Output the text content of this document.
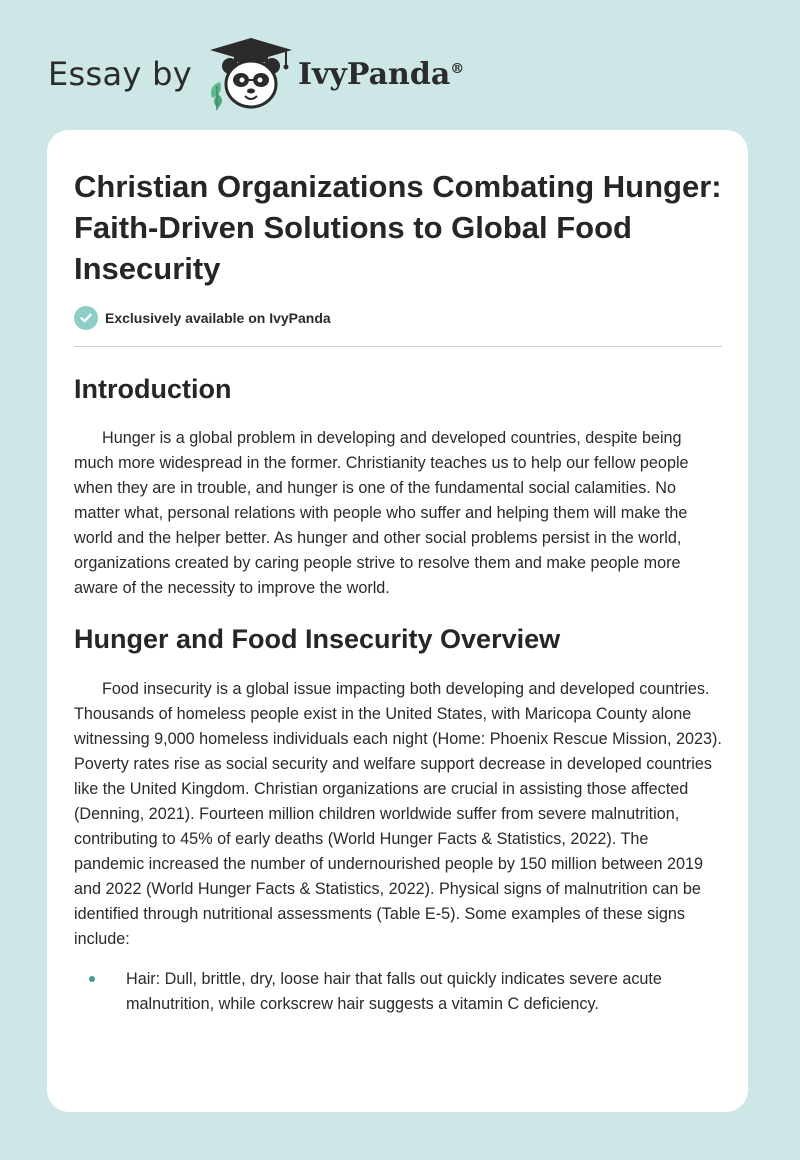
Essay by	IvyPanda®
Christian Organizations Combating Hunger: Faith-Driven Solutions to Global Food Insecurity
Exclusively available on IvyPanda
Introduction

Hunger is a global problem in developing and developed countries, despite being much more widespread in the former. Christianity teaches us to help our fellow people when they are in trouble, and hunger is one of the fundamental social calamities. No matter what, personal relations with people who suffer and helping them will make the world and the helper better. As hunger and other social problems persist in the world, organizations created by caring people strive to resolve them and make people more aware of the necessity to improve the world.

Hunger and Food Insecurity Overview

Food insecurity is a global issue impacting both developing and developed countries. Thousands of homeless people exist in the United States, with Maricopa County alone witnessing 9,000 homeless individuals each night (Home: Phoenix Rescue Mission, 2023). Poverty rates rise as social security and welfare support decrease in developed countries like the United Kingdom. Christian organizations are crucial in assisting those affected (Denning, 2021). Fourteen million children worldwide suffer from severe malnutrition, contributing to 45% of early deaths (World Hunger Facts & Statistics, 2022). The pandemic increased the number of undernourished people by 150 million between 2019 and 2022 (World Hunger Facts & Statistics, 2022). Physical signs of malnutrition can be identified through nutritional assessments (Table E-5). Some examples of these signs include:

Hair: Dull, brittle, dry, loose hair that falls out quickly indicates severe acute malnutrition, while corkscrew hair suggests a vitamin C deficiency.
